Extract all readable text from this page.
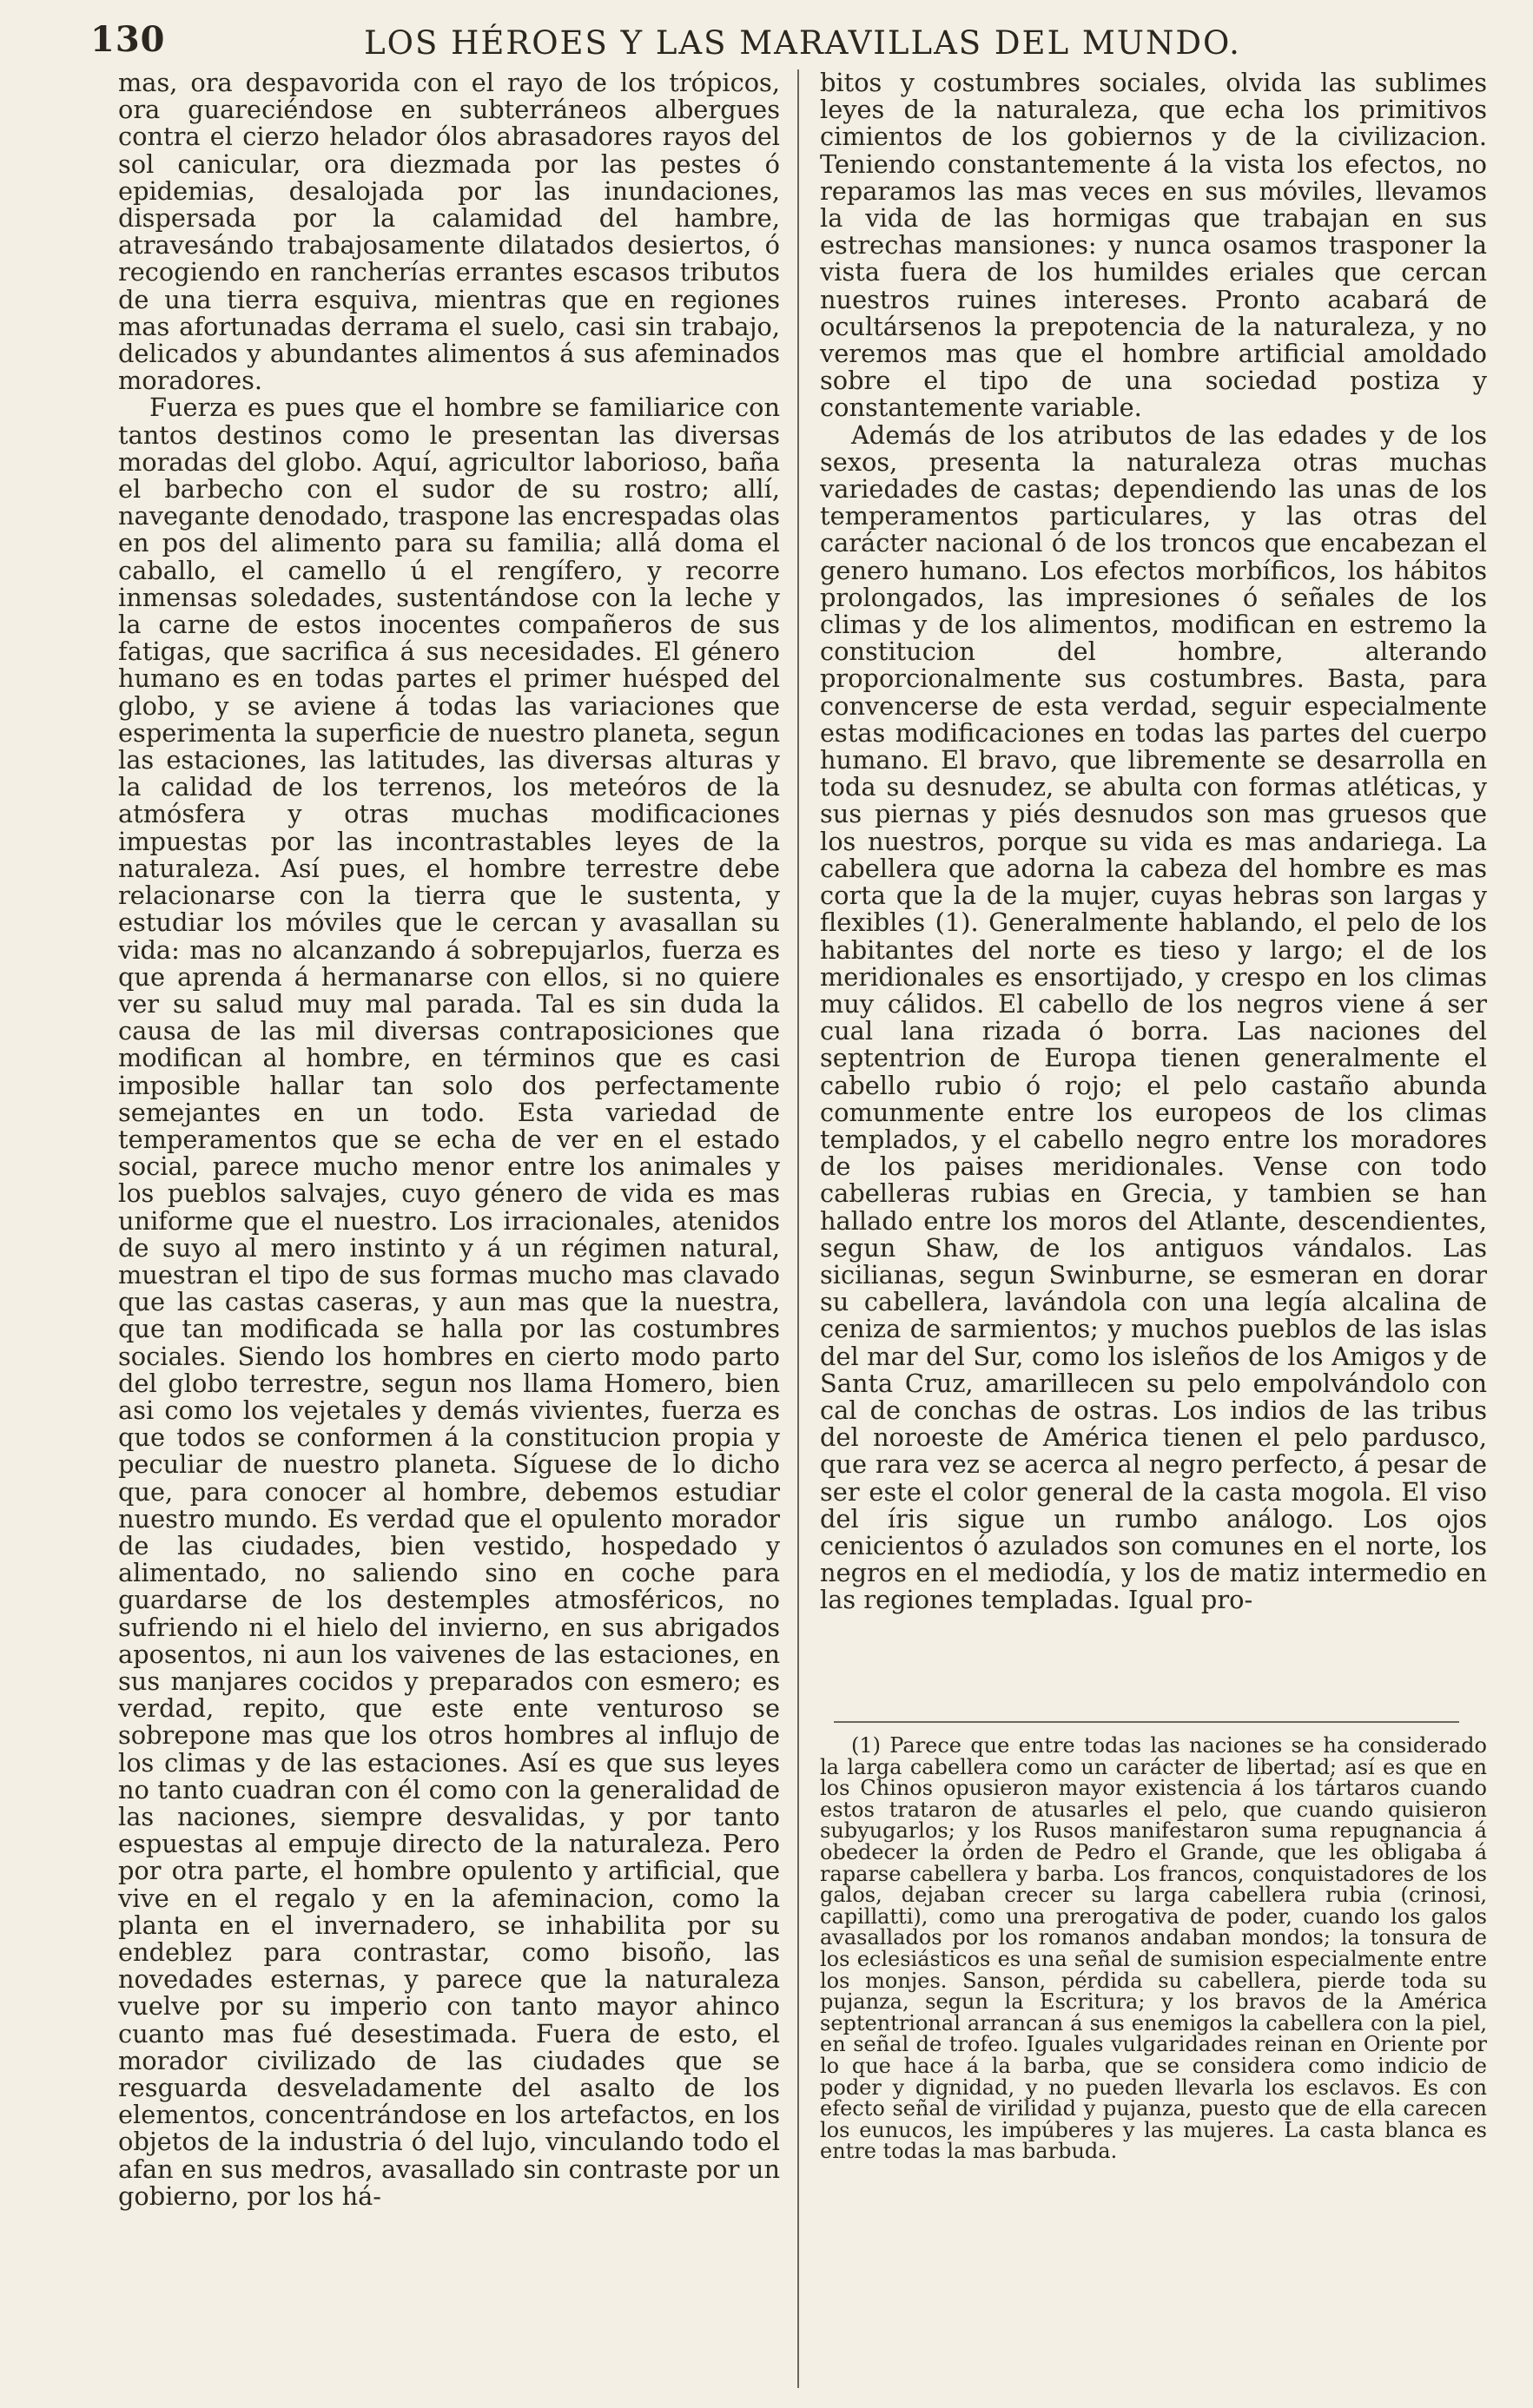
130	LOS HÉROES Y LAS MARAVILLAS DEL MUNDO.

mas, ora despavorida con el rayo de los trópicos, ora guareciéndose en subterráneos albergues contra el cierzo helador ólos abrasadores rayos del sol canicular, ora diezmada por las pestes ó epidemias, desalojada por las inundaciones, dispersada por la calamidad del hambre, atravesándo trabajosamente dilatados desiertos, ó recogiendo en rancherías errantes escasos tributos de una tierra esquiva, mientras que en regiones mas afortunadas derrama el suelo, casi sin trabajo, delicados y abundantes alimentos á sus afeminados moradores.

Fuerza es pues que el hombre se familiarice con tantos destinos como le presentan las diversas moradas del globo. Aquí, agricultor laborioso, baña el barbecho con el sudor de su rostro; allí, navegante denodado, traspone las encrespadas olas en pos del alimento para su familia; allá doma el caballo, el camello ú el rengífero, y recorre inmensas soledades, sustentándose con la leche y la carne de estos inocentes compañeros de sus fatigas, que sacrifica á sus necesidades. El género humano es en todas partes el primer huésped del globo, y se aviene á todas las variaciones que esperimenta la superficie de nuestro planeta, segun las estaciones, las latitudes, las diversas alturas y la calidad de los terrenos, los meteóros de la atmósfera y otras muchas modificaciones impuestas por las incontrastables leyes de la naturaleza. Así pues, el hombre terrestre debe relacionarse con la tierra que le sustenta, y estudiar los móviles que le cercan y avasallan su vida: mas no alcanzando á sobrepujarlos, fuerza es que aprenda á hermanarse con ellos, si no quiere ver su salud muy mal parada. Tal es sin duda la causa de las mil diversas contraposiciones que modifican al hombre, en términos que es casi imposible hallar tan solo dos perfectamente semejantes en un todo. Esta variedad de temperamentos que se echa de ver en el estado social, parece mucho menor entre los animales y los pueblos salvajes, cuyo género de vida es mas uniforme que el nuestro. Los irracionales, atenidos de suyo al mero instinto y á un régimen natural, muestran el tipo de sus formas mucho mas clavado que las castas caseras, y aun mas que la nuestra, que tan modificada se halla por las costumbres sociales. Siendo los hombres en cierto modo parto del globo terrestre, segun nos llama Homero, bien asi como los vejetales y demás vivientes, fuerza es que todos se conformen á la constitucion propia y peculiar de nuestro planeta. Síguese de lo dicho que, para conocer al hombre, debemos estudiar nuestro mundo. Es verdad que el opulento morador de las ciudades, bien vestido, hospedado y alimentado, no saliendo sino en coche para guardarse de los destemples atmosféricos, no sufriendo ni el hielo del invierno, en sus abrigados aposentos, ni aun los vaivenes de las estaciones, en sus manjares cocidos y preparados con esmero; es verdad, repito, que este ente venturoso se sobrepone mas que los otros hombres al influjo de los climas y de las estaciones. Así es que sus leyes no tanto cuadran con él como con la generalidad de las naciones, siempre desvalidas, y por tanto espuestas al empuje directo de la naturaleza. Pero por otra parte, el hombre opulento y artificial, que vive en el regalo y en la afeminacion, como la planta en el invernadero, se inhabilita por su endeblez para contrastar, como bisoño, las novedades esternas, y parece que la naturaleza vuelve por su imperio con tanto mayor ahinco cuanto mas fué desestimada. Fuera de esto, el morador civilizado de las ciudades que se resguarda desveladamente del asalto de los elementos, concentrándose en los artefactos, en los objetos de la industria ó del lujo, vinculando todo el afan en sus medros, avasallado sin contraste por un gobierno, por los há-

bitos y costumbres sociales, olvida las sublimes leyes de la naturaleza, que echa los primitivos cimientos de los gobiernos y de la civilizacion. Teniendo constantemente á la vista los efectos, no reparamos las mas veces en sus móviles, llevamos la vida de las hormigas que trabajan en sus estrechas mansiones: y nunca osamos trasponer la vista fuera de los humildes eriales que cercan nuestros ruines intereses. Pronto acabará de ocultársenos la prepotencia de la naturaleza, y no veremos mas que el hombre artificial amoldado sobre el tipo de una sociedad postiza y constantemente variable.

Además de los atributos de las edades y de los sexos, presenta la naturaleza otras muchas variedades de castas; dependiendo las unas de los temperamentos particulares, y las otras del carácter nacional ó de los troncos que encabezan el genero humano. Los efectos morbíficos, los hábitos prolongados, las impresiones ó señales de los climas y de los alimentos, modifican en estremo la constitucion del hombre, alterando proporcionalmente sus costumbres. Basta, para convencerse de esta verdad, seguir especialmente estas modificaciones en todas las partes del cuerpo humano. El bravo, que libremente se desarrolla en toda su desnudez, se abulta con formas atléticas, y sus piernas y piés desnudos son mas gruesos que los nuestros, porque su vida es mas andariega. La cabellera que adorna la cabeza del hombre es mas corta que la de la mujer, cuyas hebras son largas y flexibles (1). Generalmente hablando, el pelo de los habitantes del norte es tieso y largo; el de los meridionales es ensortijado, y crespo en los climas muy cálidos. El cabello de los negros viene á ser cual lana rizada ó borra. Las naciones del septentrion de Europa tienen generalmente el cabello rubio ó rojo; el pelo castaño abunda comunmente entre los europeos de los climas templados, y el cabello negro entre los moradores de los paises meridionales. Vense con todo cabelleras rubias en Grecia, y tambien se han hallado entre los moros del Atlante, descendientes, segun Shaw, de los antiguos vándalos. Las sicilianas, segun Swinburne, se esmeran en dorar su cabellera, lavándola con una legía alcalina de ceniza de sarmientos; y muchos pueblos de las islas del mar del Sur, como los isleños de los Amigos y de Santa Cruz, amarillecen su pelo empolvándolo con cal de conchas de ostras. Los indios de las tribus del noroeste de América tienen el pelo pardusco, que rara vez se acerca al negro perfecto, á pesar de ser este el color general de la casta mogola. El viso del íris sigue un rumbo análogo. Los ojos cenicientos ó azulados son comunes en el norte, los negros en el mediodía, y los de matiz intermedio en las regiones templadas. Igual pro-

(1) Parece que entre todas las naciones se ha considerado la larga cabellera como un carácter de libertad; así es que en los Chinos opusieron mayor existencia á los tártaros cuando estos trataron de atusarles el pelo, que cuando quisieron subyugarlos; y los Rusos manifestaron suma repugnancia á obedecer la órden de Pedro el Grande, que les obligaba á raparse cabellera y barba. Los francos, conquistadores de los galos, dejaban crecer su larga cabellera rubia (crinosi, capillatti), como una prerogativa de poder, cuando los galos avasallados por los romanos andaban mondos; la tonsura de los eclesiásticos es una señal de sumision especialmente entre los monjes. Sanson, pérdida su cabellera, pierde toda su pujanza, segun la Escritura; y los bravos de la América septentrional arrancan á sus enemigos la cabellera con la piel, en señal de trofeo. Iguales vulgaridades reinan en Oriente por lo que hace á la barba, que se considera como indicio de poder y dignidad, y no pueden llevarla los esclavos. Es con efecto señal de virilidad y pujanza, puesto que de ella carecen los eunucos, les impúberes y las mujeres. La casta blanca es entre todas la mas barbuda.
